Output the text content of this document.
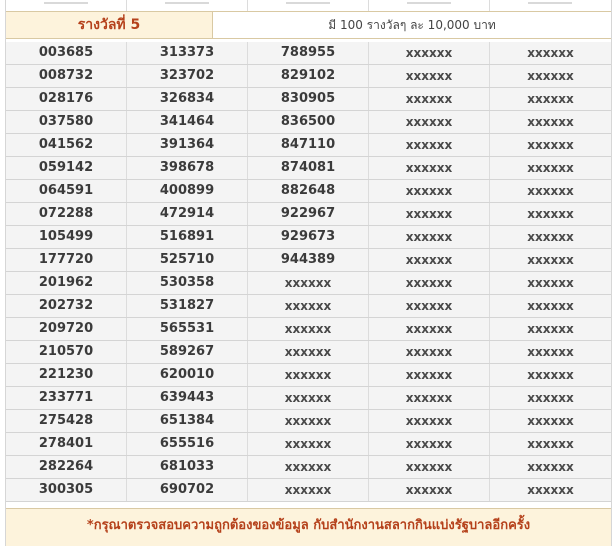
รางวัลที่ 5	มี 100 รางวัลๆ ละ 10,000 บาท
003685	313373	788955	xxxxxx	xxxxxx
008732	323702	829102	xxxxxx	xxxxxx
028176	326834	830905	xxxxxx	xxxxxx
037580	341464	836500	xxxxxx	xxxxxx
041562	391364	847110	xxxxxx	xxxxxx
059142	398678	874081	xxxxxx	xxxxxx
064591	400899	882648	xxxxxx	xxxxxx
072288	472914	922967	xxxxxx	xxxxxx
105499	516891	929673	xxxxxx	xxxxxx
177720	525710	944389	xxxxxx	xxxxxx
201962	530358	xxxxxx	xxxxxx	xxxxxx
202732	531827	xxxxxx	xxxxxx	xxxxxx
209720	565531	xxxxxx	xxxxxx	xxxxxx
210570	589267	xxxxxx	xxxxxx	xxxxxx
221230	620010	xxxxxx	xxxxxx	xxxxxx
233771	639443	xxxxxx	xxxxxx	xxxxxx
275428	651384	xxxxxx	xxxxxx	xxxxxx
278401	655516	xxxxxx	xxxxxx	xxxxxx
282264	681033	xxxxxx	xxxxxx	xxxxxx
300305	690702	xxxxxx	xxxxxx	xxxxxx
*กรุณาตรวจสอบความถูกต้องของข้อมูล กับสำนักงานสลากกินแบ่งรัฐบาลอีกครั้ง
